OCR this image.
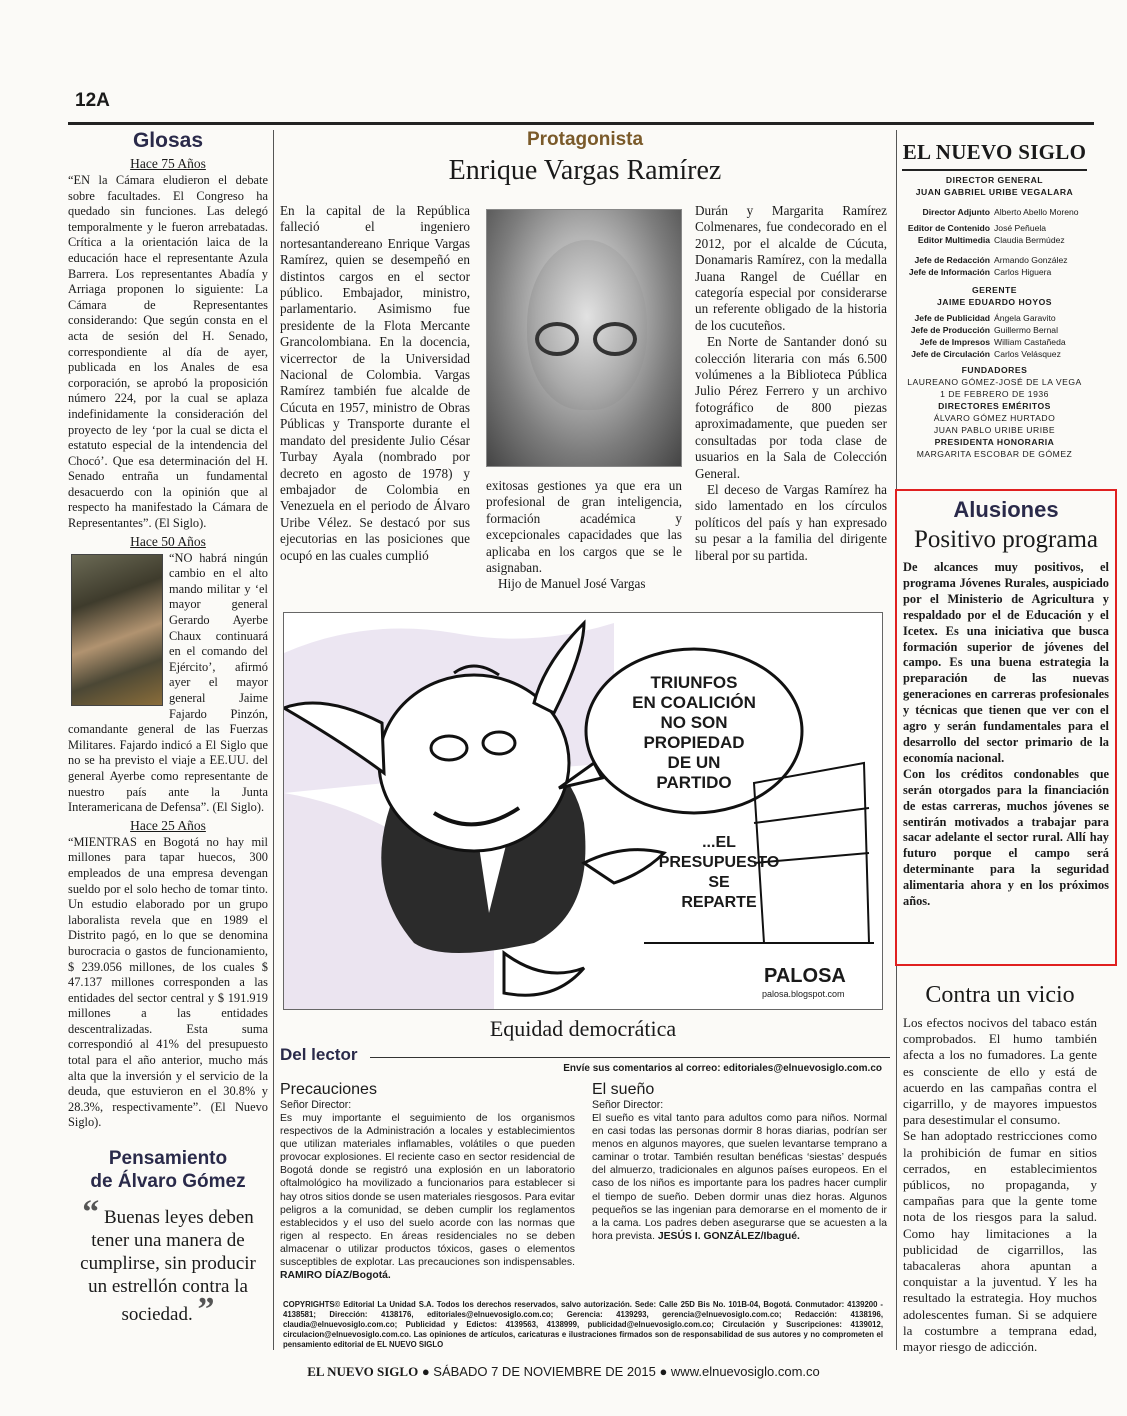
12A
Glosas
Hace 75 Años
“EN la Cámara eludieron el debate sobre facultades. El Congreso ha quedado sin funciones. Las delegó temporalmente y le fueron arrebatadas. Crítica a la orientación laica de la educación hace el representante Azula Barrera. Los representantes Abadía y Arriaga proponen lo siguiente: La Cámara de Representantes considerando: Que según consta en el acta de sesión del H. Senado, correspondiente al día de ayer, publicada en los Anales de esa corporación, se aprobó la proposición número 224, por la cual se aplaza indefinidamente la consideración del proyecto de ley ‘por la cual se dicta el estatuto especial de la intendencia del Chocó’. Que esa determinación del H. Senado entraña un fundamental desacuerdo con la opinión que al respecto ha manifestado la Cámara de Representantes”. (El Siglo).
Hace 50 Años
“NO habrá ningún cambio en el alto mando militar y ‘el mayor general Gerardo Ayerbe Chaux continuará en el comando del Ejército’, afirmó ayer el mayor general Jaime Fajardo Pinzón, comandante general de las Fuerzas Militares. Fajardo indicó a El Siglo que no se ha previsto el viaje a EE.UU. del general Ayerbe como representante de nuestro país ante la Junta Interamericana de Defensa”. (El Siglo).
Hace 25 Años
“MIENTRAS en Bogotá no hay mil millones para tapar huecos, 300 empleados de una empresa devengan sueldo por el solo hecho de tomar tinto. Un estudio elaborado por un grupo laboralista revela que en 1989 el Distrito pagó, en lo que se denomina burocracia o gastos de funcionamiento, $ 239.056 millones, de los cuales $ 47.137 millones corresponden a las entidades del sector central y $ 191.919 millones a las entidades descentralizadas. Esta suma correspondió al 41% del presupuesto total para el año anterior, mucho más alta que la inversión y el servicio de la deuda, que estuvieron en el 30.8% y 28.3%, respectivamente”. (El Nuevo Siglo).
Pensamiento
de Álvaro Gómez
“ Buenas leyes deben tener una manera de cumplirse, sin producir un estrellón contra la sociedad. ”
Protagonista
Enrique Vargas Ramírez
En la capital de la República falleció el ingeniero nortesantandereano Enrique Vargas Ramírez, quien se desempeñó en distintos cargos en el sector público. Embajador, ministro, parlamentario. Asimismo fue presidente de la Flota Mercante Grancolombiana. En la docencia, vicerrector de la Universidad Nacional de Colombia. Vargas Ramírez también fue alcalde de Cúcuta en 1957, ministro de Obras Públicas y Transporte durante el mandato del presidente Julio César Turbay Ayala (nombrado por decreto en agosto de 1978) y embajador de Colombia en Venezuela en el periodo de Álvaro Uribe Vélez. Se destacó por sus ejecutorias en las posiciones que ocupó en las cuales cumplió
exitosas gestiones ya que era un profesional de gran inteligencia, formación académica y excepcionales capacidades que las aplicaba en los cargos que se le asignaban.
Hijo de Manuel José Vargas
Durán y Margarita Ramírez Colmenares, fue condecorado en el 2012, por el alcalde de Cúcuta, Donamaris Ramírez, con la medalla Juana Rangel de Cuéllar en categoría especial por considerarse un referente obligado de la historia de los cucuteños.
En Norte de Santander donó su colección literaria con más 6.500 volúmenes a la Biblioteca Pública Julio Pérez Ferrero y un archivo fotográfico de 800 piezas aproximadamente, que pueden ser consultadas por toda clase de usuarios en la Sala de Colección General.
El deceso de Vargas Ramírez ha sido lamentado en los círculos políticos del país y han expresado su pesar a la familia del dirigente liberal por su partida.
EL NUEVO SIGLO
DIRECTOR GENERAL
JUAN GABRIEL URIBE VEGALARA
Director Adjunto Alberto Abello Moreno
Editor de Contenido José Peñuela
Editor Multimedia Claudia Bermúdez
Jefe de Redacción Armando González
Jefe de Información Carlos Higuera
GERENTE
JAIME EDUARDO HOYOS
Jefe de Publicidad Ángela Garavito
Jefe de Producción Guillermo Bernal
Jefe de Impresos William Castañeda
Jefe de Circulación Carlos Velásquez
FUNDADORES
LAUREANO GÓMEZ-JOSÉ DE LA VEGA
1 DE FEBRERO DE 1936
DIRECTORES EMÉRITOS
ÁLVARO GÓMEZ HURTADO
JUAN PABLO URIBE URIBE
PRESIDENTA HONORARIA
MARGARITA ESCOBAR DE GÓMEZ
Alusiones
Positivo programa
De alcances muy positivos, el programa Jóvenes Rurales, auspiciado por el Ministerio de Agricultura y respaldado por el de Educación y el Icetex. Es una iniciativa que busca formación superior de jóvenes del campo. Es una buena estrategia la preparación de las nuevas generaciones en carreras profesionales y técnicas que tienen que ver con el agro y serán fundamentales para el desarrollo del sector primario de la economía nacional.
Con los créditos condonables que serán otorgados para la financiación de estas carreras, muchos jóvenes se sentirán motivados a trabajar para sacar adelante el sector rural. Allí hay futuro porque el campo será determinante para la seguridad alimentaria ahora y en los próximos años.
Contra un vicio
Los efectos nocivos del tabaco están comprobados. El humo también afecta a los no fumadores. La gente es consciente de ello y está de acuerdo en las campañas contra el cigarrillo, y de mayores impuestos para desestimular el consumo.
Se han adoptado restricciones como la prohibición de fumar en sitios cerrados, en establecimientos públicos, no propaganda, y campañas para que la gente tome nota de los riesgos para la salud. Como hay limitaciones a la publicidad de cigarrillos, las tabacaleras ahora apuntan a conquistar a la juventud. Y les ha resultado la estrategia. Hoy muchos adolescentes fuman. Si se adquiere la costumbre a temprana edad, mayor riesgo de adicción.
TRIUNFOS
EN COALICIÓN
NO SON
PROPIEDAD
DE UN
PARTIDO
...EL
PRESUPUESTO
SE
REPARTE
PALOSA
palosa.blogspot.com
Equidad democrática
Del lector
Envíe sus comentarios al correo: editoriales@elnuevosiglo.com.co
Precauciones
Señor Director:
Es muy importante el seguimiento de los organismos respectivos de la Administración a locales y establecimientos que utilizan materiales inflamables, volátiles o que pueden provocar explosiones. El reciente caso en sector residencial de Bogotá donde se registró una explosión en un laboratorio oftalmológico ha movilizado a funcionarios para establecer si hay otros sitios donde se usen materiales riesgosos. Para evitar peligros a la comunidad, se deben cumplir los reglamentos establecidos y el uso del suelo acorde con las normas que rigen al respecto. En áreas residenciales no se deben almacenar o utilizar productos tóxicos, gases o elementos susceptibles de explotar. Las precauciones son indispensables. RAMIRO DÍAZ/Bogotá.
El sueño
Señor Director:
El sueño es vital tanto para adultos como para niños. Normal en casi todas las personas dormir 8 horas diarias, podrían ser menos en algunos mayores, que suelen levantarse temprano a caminar o trotar. También resultan benéficas ‘siestas’ después del almuerzo, tradicionales en algunos países europeos. En el caso de los niños es importante para los padres hacer cumplir el tiempo de sueño. Deben dormir unas diez horas. Algunos pequeños se las ingenian para demorarse en el momento de ir a la cama. Los padres deben asegurarse que se acuesten a la hora prevista. JESÚS I. GONZÁLEZ/Ibagué.
COPYRIGHTS© Editorial La Unidad S.A. Todos los derechos reservados, salvo autorización. Sede: Calle 25D Bis No. 101B-04, Bogotá. Conmutador: 4139200 - 4138581; Dirección: 4138176, editoriales@elnuevosiglo.com.co; Gerencia: 4139293, gerencia@elnuevosiglo.com.co; Redacción: 4138196, claudia@elnuevosiglo.com.co; Publicidad y Edictos: 4139563, 4138999, publicidad@elnuevosiglo.com.co; Circulación y Suscripciones: 4139012, circulacion@elnuevosiglo.com.co. Las opiniones de artículos, caricaturas e ilustraciones firmados son de responsabilidad de sus autores y no comprometen el pensamiento editorial de EL NUEVO SIGLO
EL NUEVO SIGLO ● SÁBADO 7 DE NOVIEMBRE DE 2015 ● www.elnuevosiglo.com.co
